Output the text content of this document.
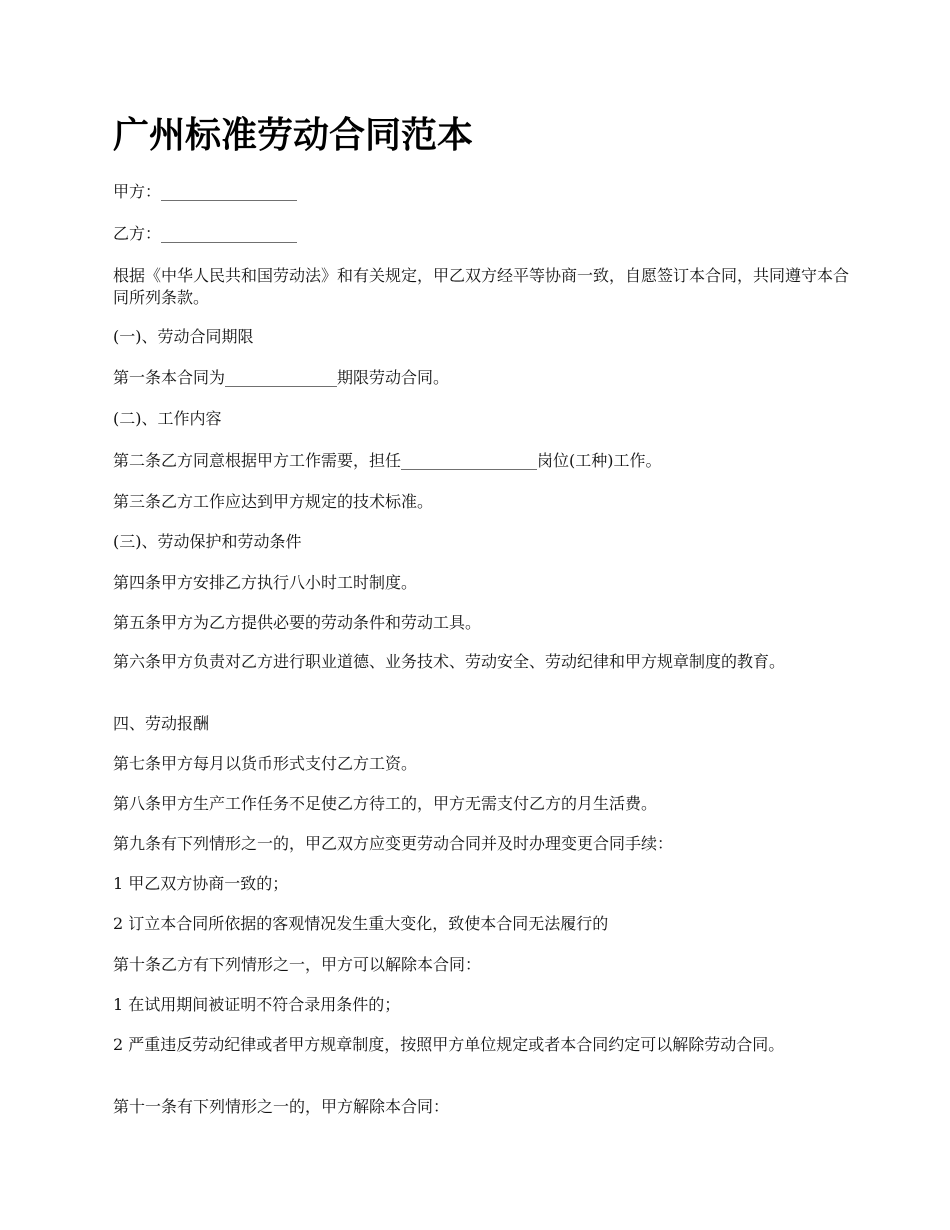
广州标准劳动合同范本

甲方：_________________

乙方：_________________

根据《中华人民共和国劳动法》和有关规定，甲乙双方经平等协商一致，自愿签订本合同，共同遵守本合同所列条款。

(一)、劳动合同期限

第一条本合同为______________期限劳动合同。

(二)、工作内容

第二条乙方同意根据甲方工作需要，担任_________________岗位(工种)工作。

第三条乙方工作应达到甲方规定的技术标准。

(三)、劳动保护和劳动条件

第四条甲方安排乙方执行八小时工时制度。

第五条甲方为乙方提供必要的劳动条件和劳动工具。

第六条甲方负责对乙方进行职业道德、业务技术、劳动安全、劳动纪律和甲方规章制度的教育。

四、劳动报酬

第七条甲方每月以货币形式支付乙方工资。

第八条甲方生产工作任务不足使乙方待工的，甲方无需支付乙方的月生活费。

第九条有下列情形之一的，甲乙双方应变更劳动合同并及时办理变更合同手续：

1 甲乙双方协商一致的；

2 订立本合同所依据的客观情况发生重大变化，致使本合同无法履行的

第十条乙方有下列情形之一，甲方可以解除本合同：

1 在试用期间被证明不符合录用条件的；

2 严重违反劳动纪律或者甲方规章制度，按照甲方单位规定或者本合同约定可以解除劳动合同。

第十一条有下列情形之一的，甲方解除本合同：
